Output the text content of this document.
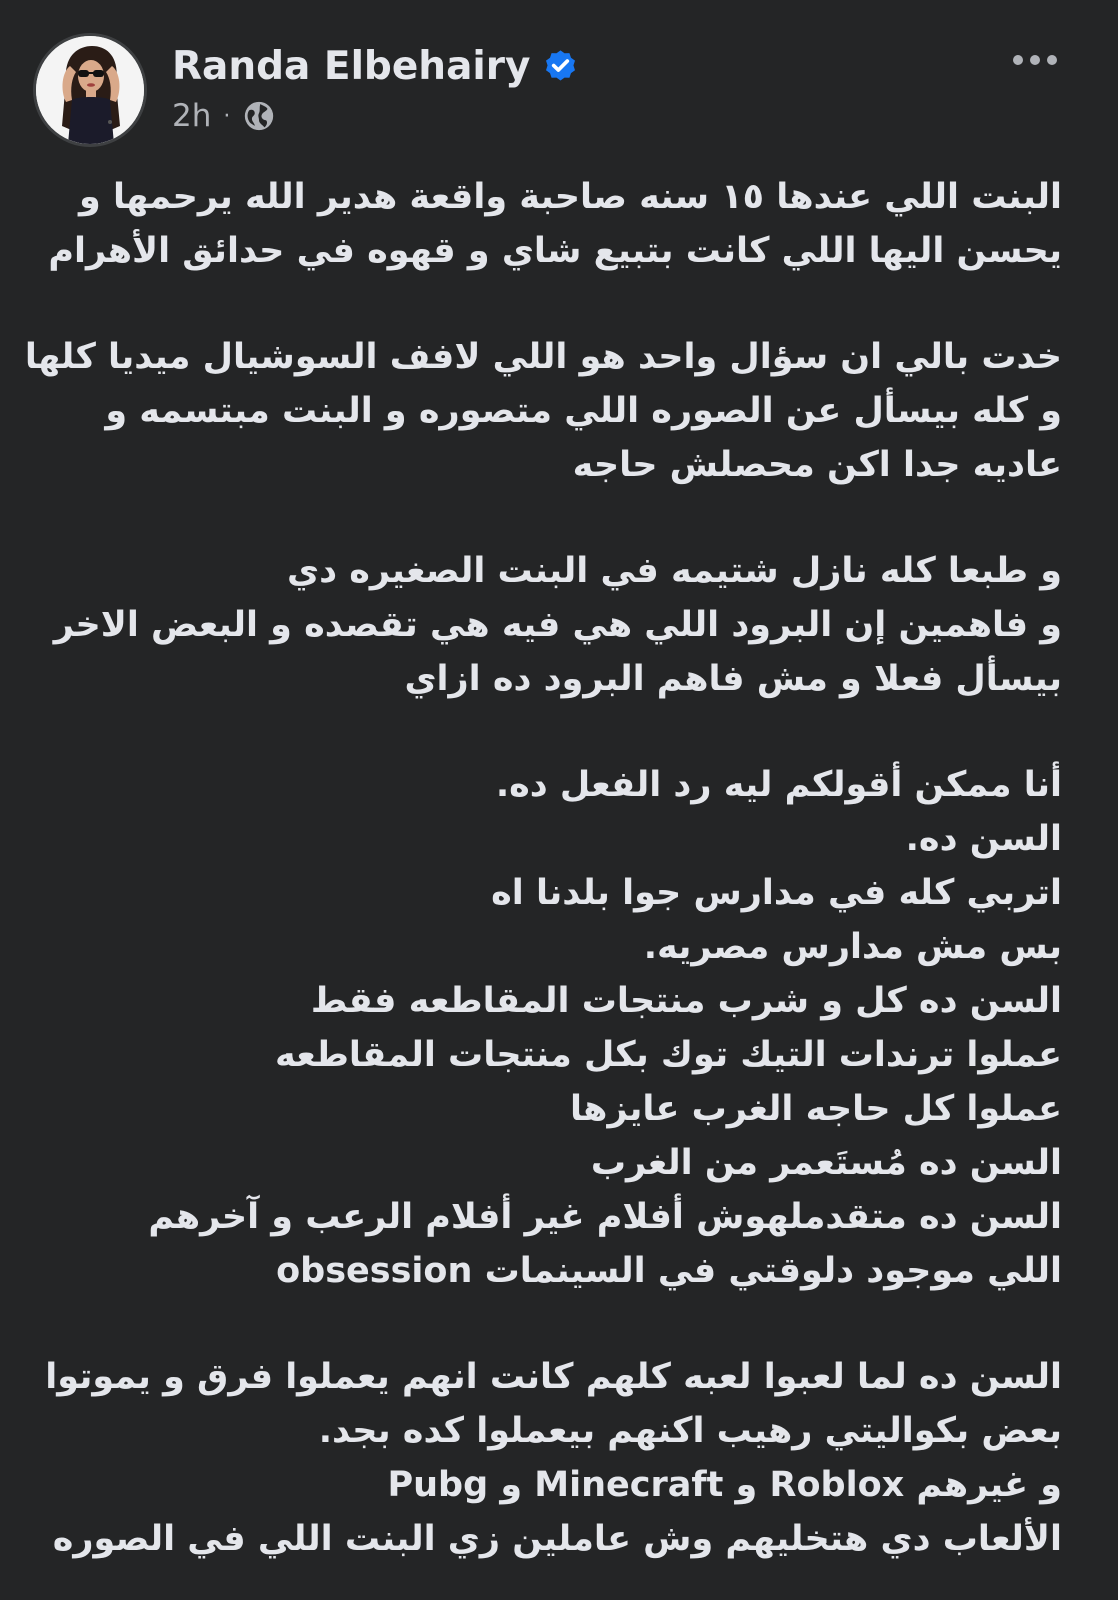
Randa Elbehairy
2h ·
البنت اللي عندها ١٥ سنه صاحبة واقعة هدير الله يرحمها و
يحسن اليها اللي كانت بتبيع شاي و قهوه في حدائق الأهرام
خدت بالي ان سؤال واحد هو اللي لافف السوشيال ميديا كلها
و كله بيسأل عن الصوره اللي متصوره و البنت مبتسمه و
عاديه جدا اكن محصلش حاجه
و طبعا كله نازل شتيمه في البنت الصغيره دي
و فاهمين إن البرود اللي هي فيه هي تقصده و البعض الاخر
بيسأل فعلا و مش فاهم البرود ده ازاي
أنا ممكن أقولكم ليه رد الفعل ده.
السن ده.
اتربي كله في مدارس جوا بلدنا اه
بس مش مدارس مصريه.
السن ده كل و شرب منتجات المقاطعه فقط
عملوا ترندات التيك توك بكل منتجات المقاطعه
عملوا كل حاجه الغرب عايزها
السن ده مُستَعمر من الغرب
السن ده متقدملهوش أفلام غير أفلام الرعب و آخرهم
obsession اللي موجود دلوقتي في السينمات
السن ده لما لعبوا لعبه كلهم كانت انهم يعملوا فرق و يموتوا
بعض بكواليتي رهيب اكنهم بيعملوا كده بجد.
و غيرهم Roblox و Minecraft و Pubg
الألعاب دي هتخليهم وش عاملين زي البنت اللي في الصوره
